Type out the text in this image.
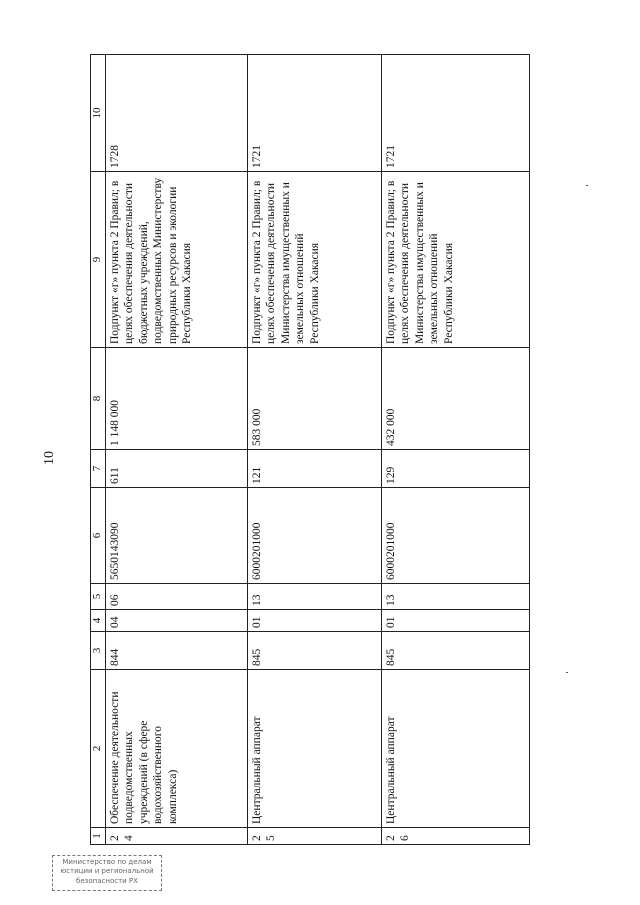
10
1	2	3	4	5	6	7	8	9	10
24	Обеспечение деятельности подведомственных учреждений (в сфере водохозяйственного комплекса)	844	04	06	5650143090	611	1 148 000	Подпункт «г» пункта 2 Правил; в целях обеспечения деятельности бюджетных учреждений, подведомственных Министерству природных ресурсов и экологии Республики Хакасия	1728
25	Центральный аппарат	845	01	13	6000201000	121	583 000	Подпункт «г» пункта 2 Правил; в целях обеспечения деятельности Министерства имущественных и земельных отношений Республики Хакасия	1721
26	Центральный аппарат	845	01	13	6000201000	129	432 000	Подпункт «г» пункта 2 Правил; в целях обеспечения деятельности Министерства имущественных и земельных отношений Республики Хакасия	1721
Министерство по делам
юстиции и региональной
безопасности РХ
